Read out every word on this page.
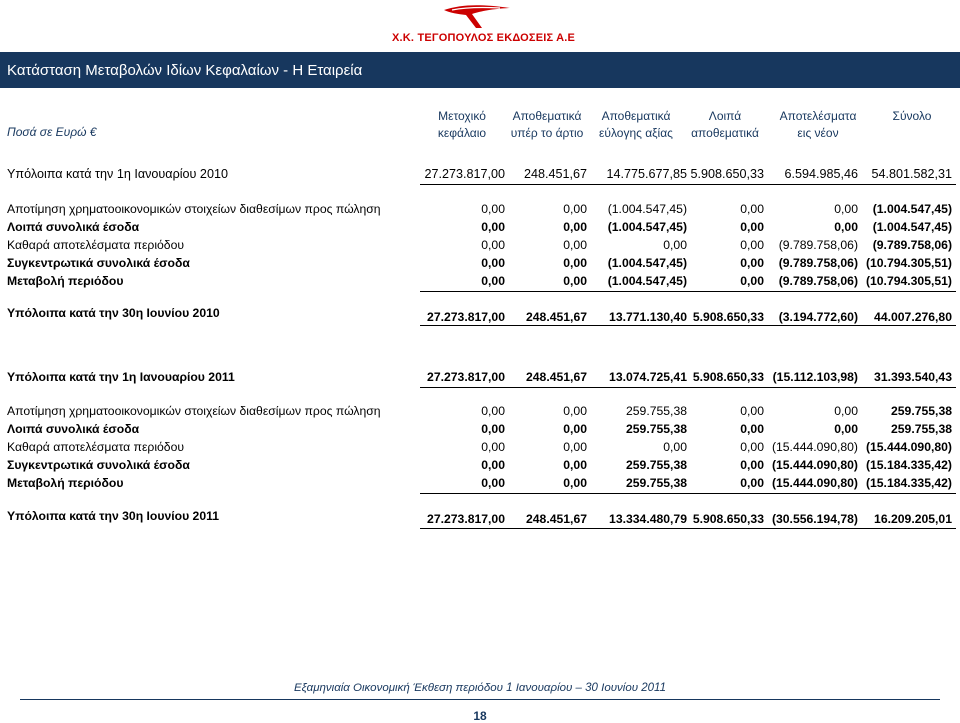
Χ.Κ. ΤΕΓΟΠΟΥΛΟΣ ΕΚΔΟΣΕΙΣ Α.Ε
Κατάσταση Μεταβολών Ιδίων Κεφαλαίων - Η Εταιρεία
Ποσά σε Ευρώ €
Μετοχικό
κεφάλαιο
Αποθεματικά
υπέρ το άρτιο
Αποθεματικά
εύλογης αξίας
Λοιπά
αποθεματικά
Αποτελέσματα
εις νέον
Σύνολο
Υπόλοιπα κατά την 1η Ιανουαρίου 2010	27.273.817,00 248.451,67 14.775.677,85 5.908.650,33 6.594.985,46 54.801.582,31
Αποτίμηση χρηματοοικονομικών στοιχείων διαθεσίμων προς πώληση	0,00	0,00 (1.004.547,45)	0,00	0,00 (1.004.547,45)
Λοιπά συνολικά έσοδα	0,00	0,00 (1.004.547,45)	0,00	0,00 (1.004.547,45)
Καθαρά αποτελέσματα περιόδου	0,00	0,00	0,00	0,00 (9.789.758,06) (9.789.758,06)
Συγκεντρωτικά συνολικά έσοδα	0,00	0,00 (1.004.547,45)	0,00 (9.789.758,06) (10.794.305,51)
Μεταβολή περιόδου	0,00	0,00 (1.004.547,45)	0,00 (9.789.758,06) (10.794.305,51)
Υπόλοιπα κατά την 30η Ιουνίου 2010	27.273.817,00 248.451,67 13.771.130,40 5.908.650,33 (3.194.772,60) 44.007.276,80
Υπόλοιπα κατά την 1η Ιανουαρίου 2011	27.273.817,00 248.451,67 13.074.725,41 5.908.650,33 (15.112.103,98) 31.393.540,43
Αποτίμηση χρηματοοικονομικών στοιχείων διαθεσίμων προς πώληση	0,00	0,00	259.755,38	0,00	0,00	259.755,38
Λοιπά συνολικά έσοδα	0,00	0,00	259.755,38	0,00	0,00	259.755,38
Καθαρά αποτελέσματα περιόδου	0,00	0,00	0,00	0,00 (15.444.090,80) (15.444.090,80)
Συγκεντρωτικά συνολικά έσοδα	0,00	0,00	259.755,38	0,00 (15.444.090,80) (15.184.335,42)
Μεταβολή περιόδου	0,00	0,00	259.755,38	0,00 (15.444.090,80) (15.184.335,42)
Υπόλοιπα κατά την 30η Ιουνίου 2011	27.273.817,00 248.451,67 13.334.480,79 5.908.650,33 (30.556.194,78) 16.209.205,01
Εξαμηνιαία Οικονομική Έκθεση περιόδου 1 Ιανουαρίου – 30 Ιουνίου 2011
18
